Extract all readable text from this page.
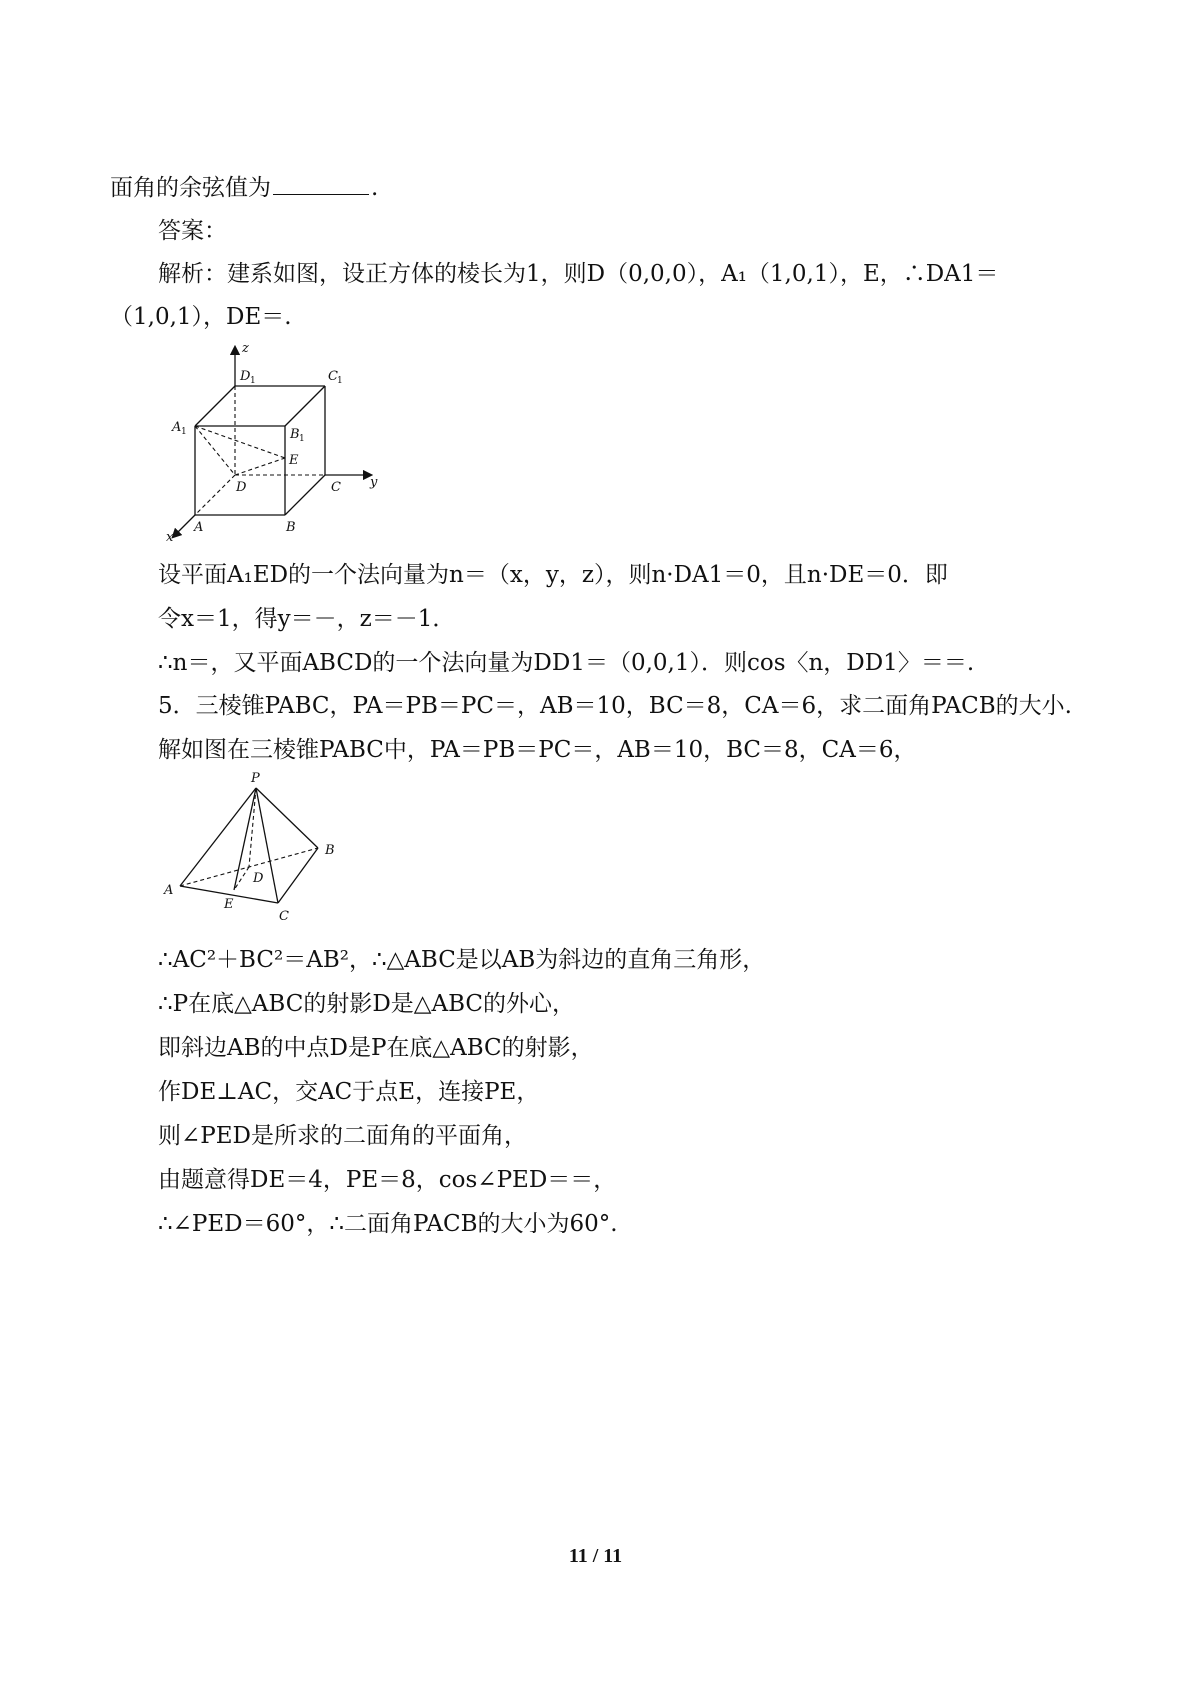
面角的余弦值为	.
答案：
解析：建系如图，设正方体的棱长为1，则D（0,0,0），A₁（1,0,1），E，∴DA1＝
（1,0,1），DE＝.
z
y
x
D 1	C 1
A 1	B 1
E
D	C
A	B
设平面A₁ED的一个法向量为n＝（x，y，z），则n·DA1＝0，且n·DE＝0．即
令x＝1，得y＝－，z＝－1．
∴n＝，又平面ABCD的一个法向量为DD1＝（0,0,1）．则cos〈n，DD1〉＝＝.
5．三棱锥PABC，PA＝PB＝PC＝，AB＝10，BC＝8，CA＝6，求二面角PACB的大小.
解如图在三棱锥PABC中，PA＝PB＝PC＝，AB＝10，BC＝8，CA＝6，
P
A
B
C
D
E
∴AC²＋BC²＝AB²，∴△ABC是以AB为斜边的直角三角形，
∴P在底△ABC的射影D是△ABC的外心，
即斜边AB的中点D是P在底△ABC的射影，
作DE⊥AC，交AC于点E，连接PE，
则∠PED是所求的二面角的平面角，
由题意得DE＝4，PE＝8，cos∠PED＝＝，
∴∠PED＝60°，∴二面角PACB的大小为60°.
11 / 11
